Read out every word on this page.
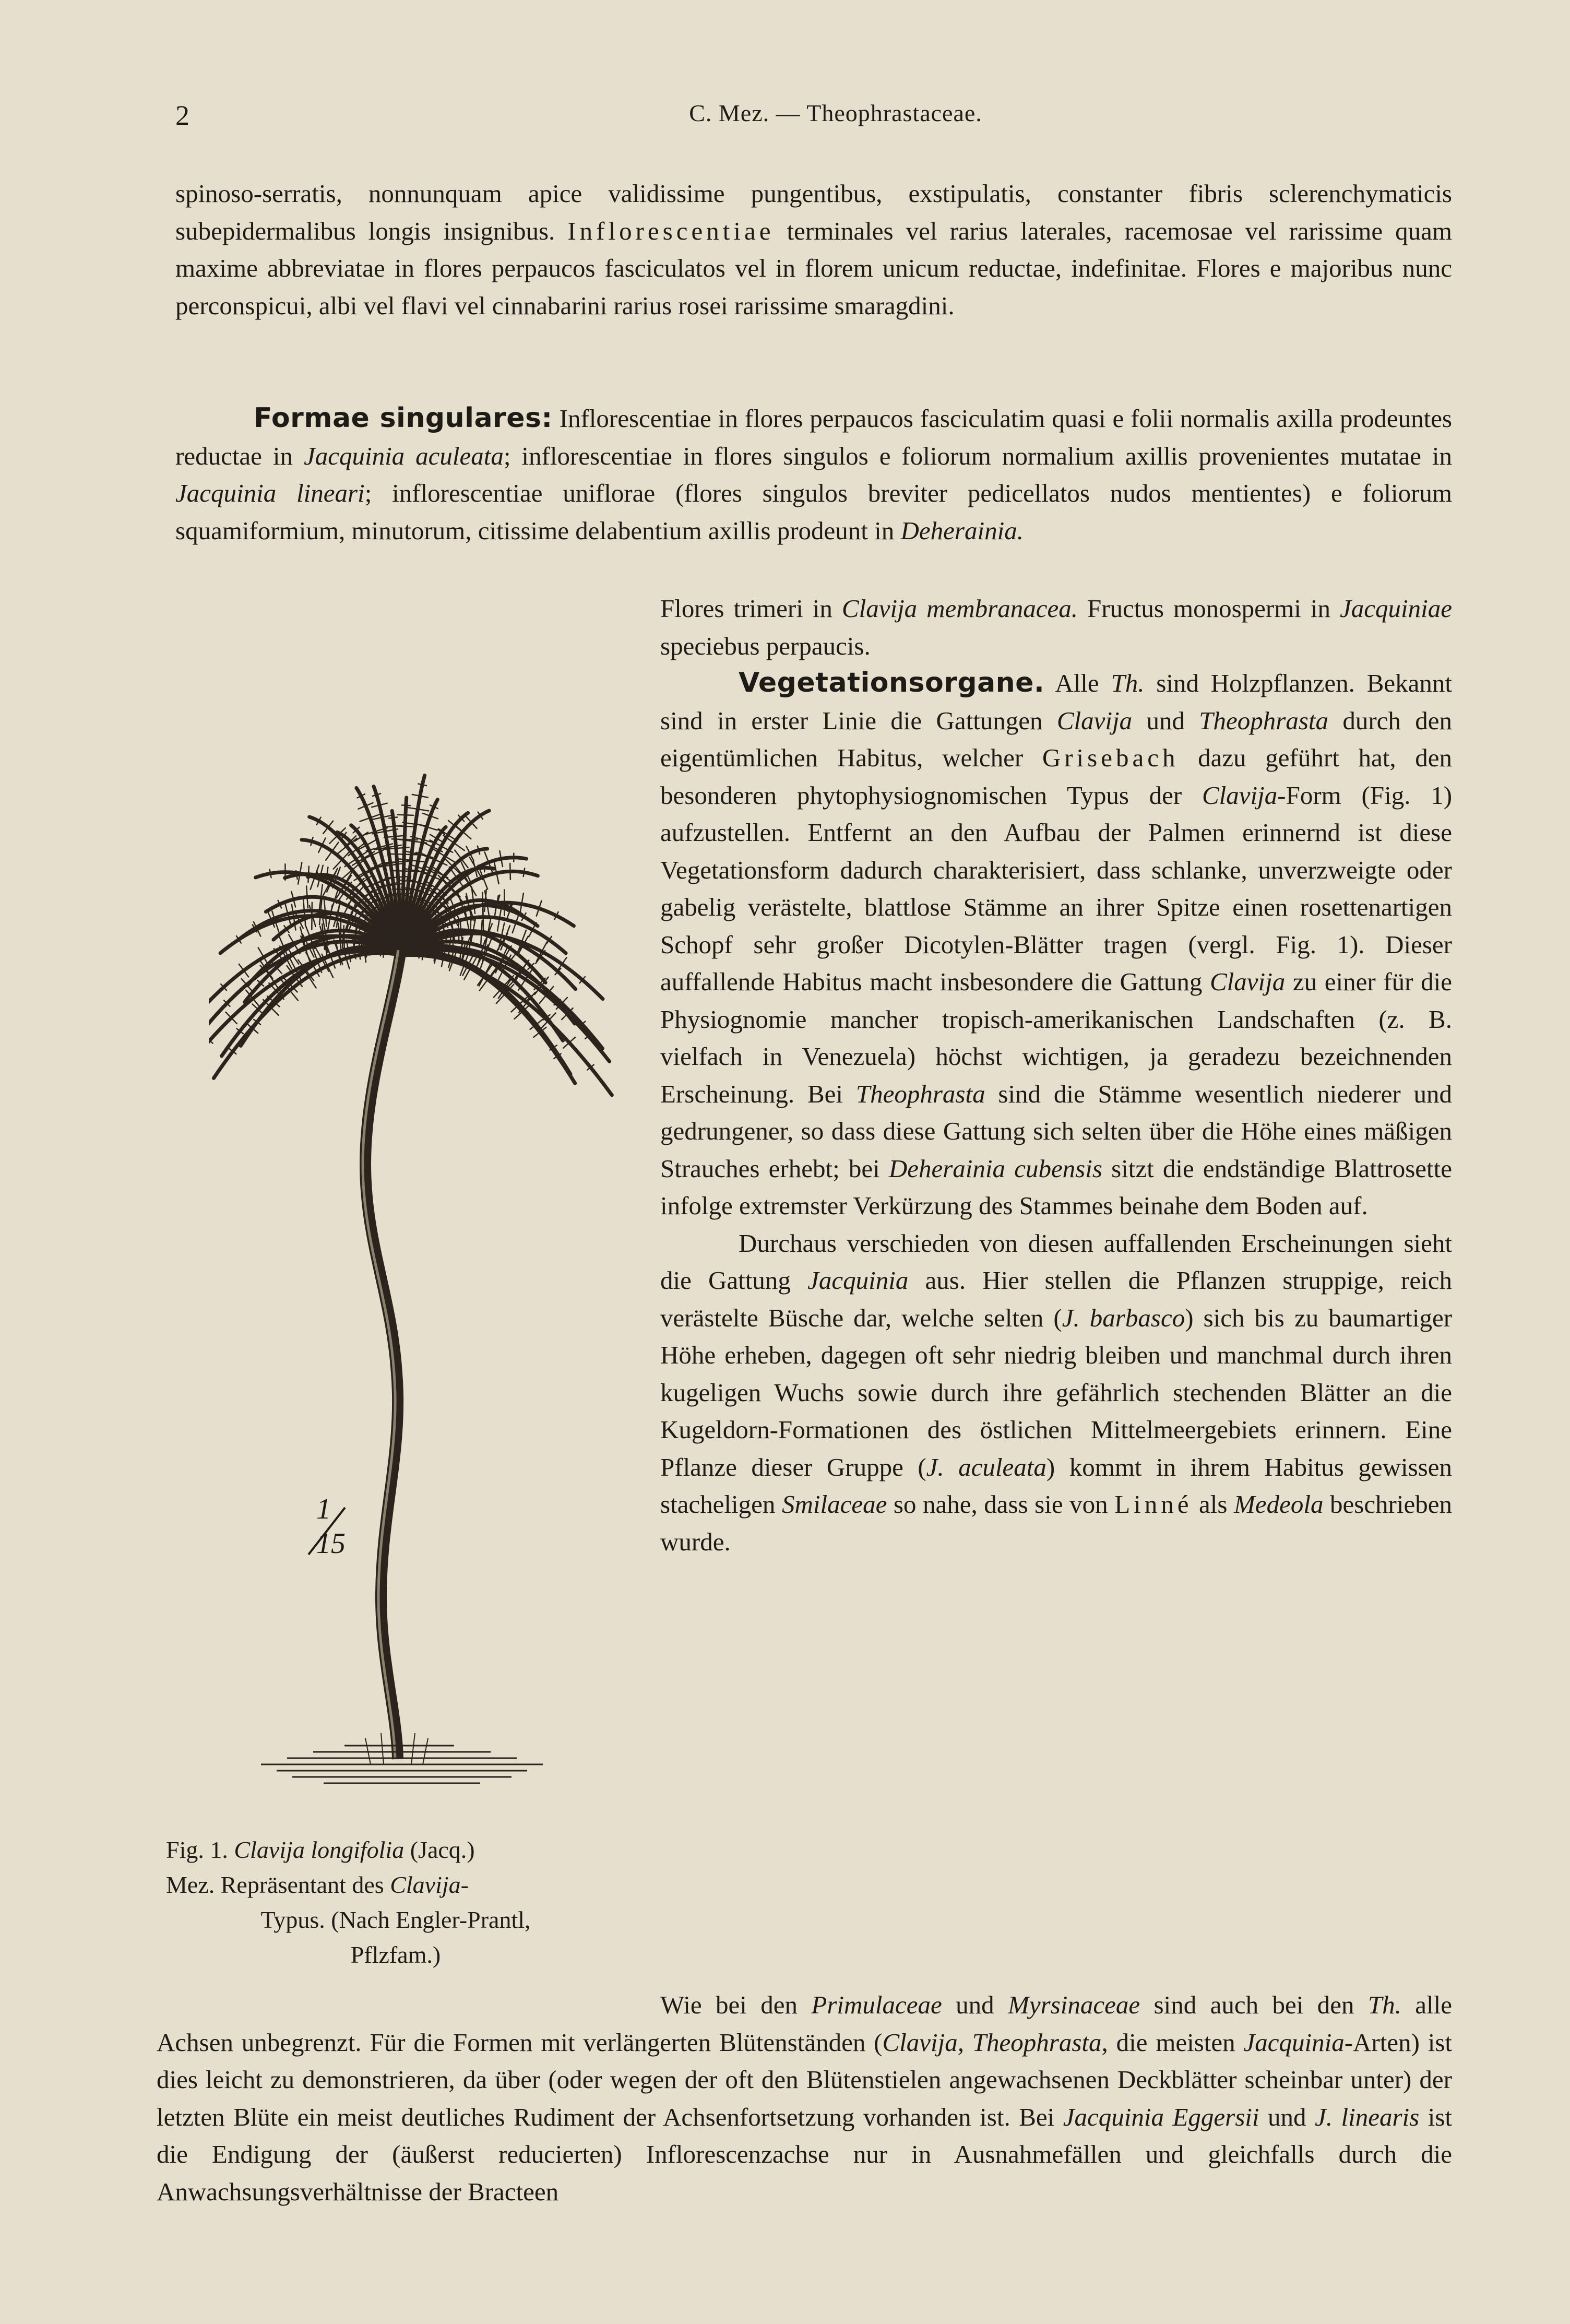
2	C. Mez. — Theophrastaceae.

spinoso-serratis, nonnunquam apice validissime pungentibus, exstipulatis, constanter fibris sclerenchymaticis subepidermalibus longis insignibus. Inflorescentiae terminales vel rarius laterales, racemosae vel rarissime quam maxime abbreviatae in flores perpaucos fasciculatos vel in florem unicum reductae, indefinitae. Flores e majoribus nunc perconspicui, albi vel flavi vel cinnabarini rarius rosei rarissime smaragdini.

Formae singulares: Inflorescentiae in flores perpaucos fasciculatim quasi e folii normalis axilla prodeuntes reductae in Jacquinia aculeata; inflorescentiae in flores singulos e foliorum normalium axillis provenientes mutatae in Jacquinia lineari; inflorescentiae uniflorae (flores singulos breviter pedicellatos nudos mentientes) e foliorum squamiformium, minutorum, citissime delabentium axillis prodeunt in Deherainia.

Flores trimeri in Clavija membranacea. Fructus monospermi in Jacquiniae speciebus perpaucis.

Vegetationsorgane. Alle Th. sind Holzpflanzen. Bekannt sind in erster Linie die Gattungen Clavija und Theophrasta durch den eigentümlichen Habitus, welcher Grisebach dazu geführt hat, den besonderen phytophysiognomischen Typus der Clavija-Form (Fig. 1) aufzustellen. Entfernt an den Aufbau der Palmen erinnernd ist diese Vegetationsform dadurch charakterisiert, dass schlanke, unverzweigte oder gabelig verästelte, blattlose Stämme an ihrer Spitze einen rosettenartigen Schopf sehr großer Dicotylen-Blätter tragen (vergl. Fig. 1). Dieser auffallende Habitus macht insbesondere die Gattung Clavija zu einer für die Physiognomie mancher tropisch-amerikanischen Landschaften (z. B. vielfach in Venezuela) höchst wichtigen, ja geradezu bezeichnenden Erscheinung. Bei Theophrasta sind die Stämme wesentlich niederer und gedrungener, so dass diese Gattung sich selten über die Höhe eines mäßigen Strauches erhebt; bei Deherainia cubensis sitzt die endständige Blattrosette infolge extremster Verkürzung des Stammes beinahe dem Boden auf.

Durchaus verschieden von diesen auffallenden Erscheinungen sieht die Gattung Jacquinia aus. Hier stellen die Pflanzen struppige, reich verästelte Büsche dar, welche selten (J. barbasco) sich bis zu baumartiger Höhe erheben, dagegen oft sehr niedrig bleiben und manchmal durch ihren kugeligen Wuchs sowie durch ihre gefährlich stechenden Blätter an die Kugeldorn-Formationen des östlichen Mittelmeergebiets erinnern. Eine Pflanze dieser Gruppe (J. aculeata) kommt in ihrem Habitus gewissen stacheligen Smilaceae so nahe, dass sie von Linné als Medeola beschrieben wurde.

Wie bei den Primulaceae und Myrsinaceae sind auch bei den Th. alle Achsen unbegrenzt. Für die Formen mit verlängerten Blütenständen (Clavija, Theophrasta, die meisten Jacquinia-Arten) ist dies leicht zu demonstrieren, da über (oder wegen der oft den Blütenstielen angewachsenen Deckblätter scheinbar unter) der letzten Blüte ein meist deutliches Rudiment der Achsenfortsetzung vorhanden ist. Bei Jacquinia Eggersii und J. linearis ist die Endigung der (äußerst reducierten) Inflorescenzachse nur in Ausnahmefällen und gleichfalls durch die Anwachsungsverhältnisse der Bracteen

1
15
Fig. 1. Clavija longifolia (Jacq.)
Mez. Repräsentant des Clavija-
Typus. (Nach Engler-Prantl,
Pflzfam.)
